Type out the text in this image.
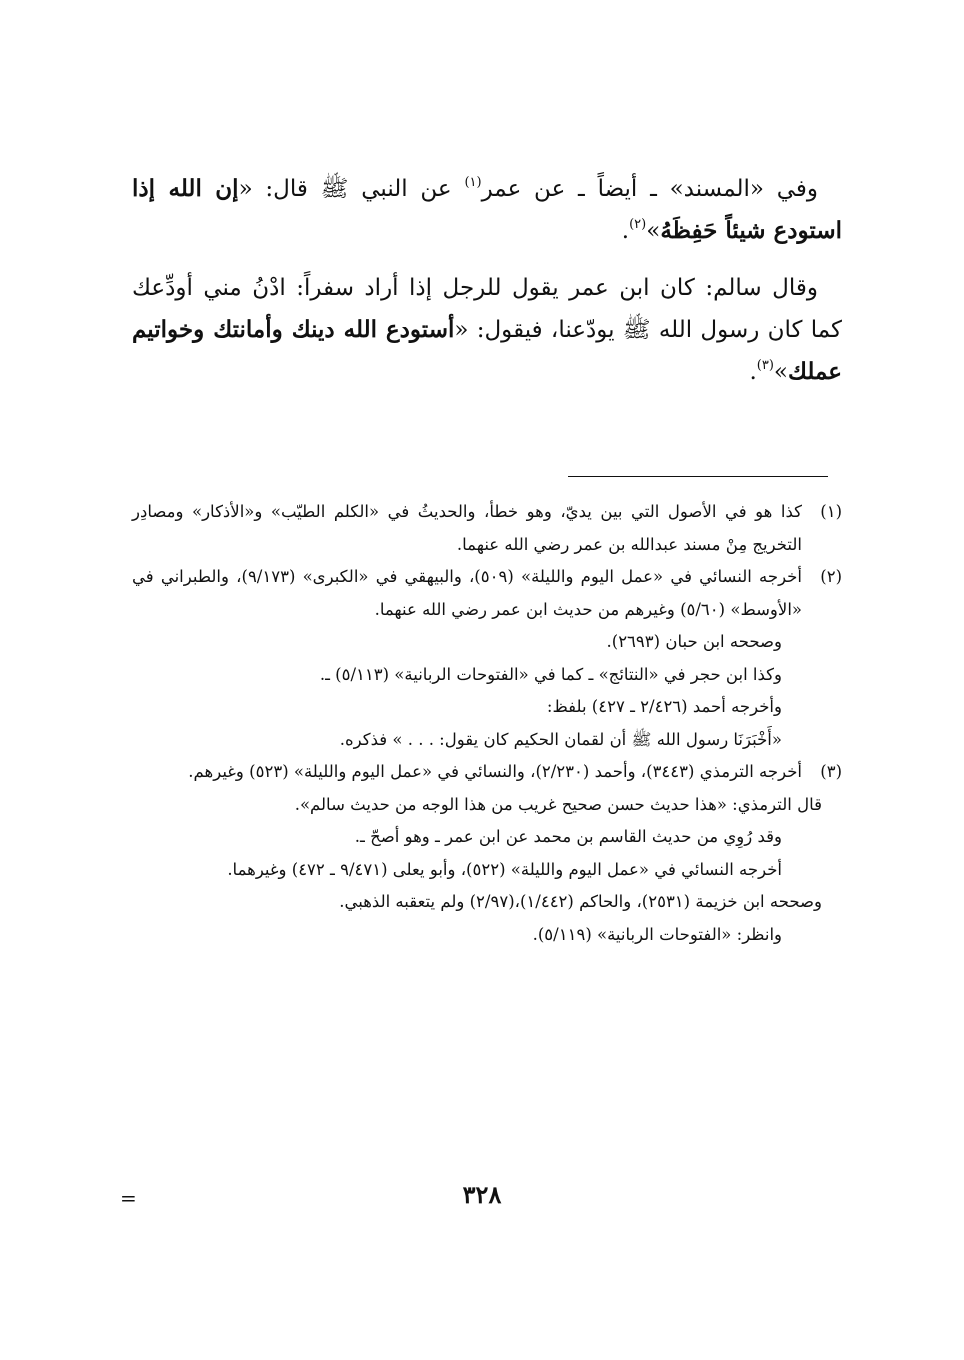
وفي «المسند» ـ أيضاً ـ عن عمر$^{(١)}$ عن النبي ﷺ قال: «إن الله إذا استودع شيئاً حَفِظَهُ»$^{(٢)}$.

وقال سالم: كان ابن عمر يقول للرجل إذا أراد سفراً: ادْنُ مني أودِّعك كما كان رسول الله ﷺ يودّعنا، فيقول: «أستودع الله دينك وأمانتك وخواتيم عملك»$^{(٣)}$.

(١)

كذا هو في الأصول التي بين يديّ، وهو خطأ، والحديثُ في «الكلم الطيّب» و«الأذكار» ومصادِر التخريج مِنْ مسند عبدالله بن عمر رضي الله عنهما.

(٢)

أخرجه النسائي في «عمل اليوم والليلة» (٥٠٩)، والبيهقي في «الكبرى» (٩/١٧٣)، والطبراني في «الأوسط» (٥/٦٠) وغيرهم من حديث ابن عمر رضي الله عنهما.

وصححه ابن حبان (٢٦٩٣).

وكذا ابن حجر في «النتائج» ـ كما في «الفتوحات الربانية» (٥/١١٣) ـ.

وأخرجه أحمد (٢/٤٢٦ ـ ٤٢٧) بلفظ:

«أَخْبَرَنَا رسول الله ﷺ أن لقمان الحكيم كان يقول: . . . » فذكره.

(٣)

أخرجه الترمذي (٣٤٤٣)، وأحمد (٢/٢٣٠)، والنسائي في «عمل اليوم والليلة» (٥٢٣) وغيرهم.

قال الترمذي: «هذا حديث حسن صحيح غريب من هذا الوجه من حديث سالم».

وقد رُوِي من حديث القاسم بن محمد عن ابن عمر ـ وهو أصحّ ـ.

أخرجه النسائي في «عمل اليوم والليلة» (٥٢٢)، وأبو يعلى (٩/٤٧١ ـ ٤٧٢) وغيرهما.

وصححه ابن خزيمة (٢٥٣١)، والحاكم (١/٤٤٢)،(٢/٩٧) ولم يتعقبه الذهبي.

وانظر: «الفتوحات الربانية» (٥/١١٩).

٣٢٨
=
